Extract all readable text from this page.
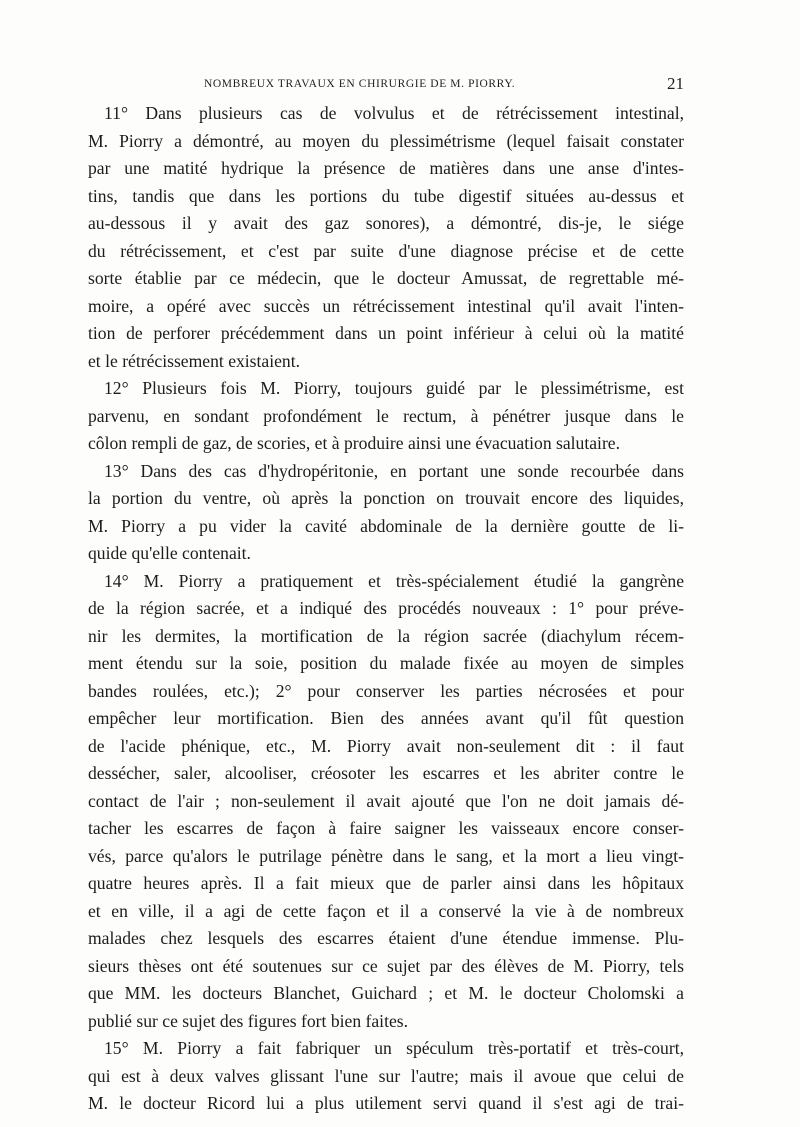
NOMBREUX TRAVAUX EN CHIRURGIE DE M. PIORRY.	21
11° Dans plusieurs cas de volvulus et de rétrécissement intestinal,
M. Piorry a démontré, au moyen du plessimétrisme (lequel faisait constater
par une matité hydrique la présence de matières dans une anse d'intes-
tins, tandis que dans les portions du tube digestif situées au-dessus et
au-dessous il y avait des gaz sonores), a démontré, dis-je, le siége
du rétrécissement, et c'est par suite d'une diagnose précise et de cette
sorte établie par ce médecin, que le docteur Amussat, de regrettable mé-
moire, a opéré avec succès un rétrécissement intestinal qu'il avait l'inten-
tion de perforer précédemment dans un point inférieur à celui où la matité
et le rétrécissement existaient.
12° Plusieurs fois M. Piorry, toujours guidé par le plessimétrisme, est
parvenu, en sondant profondément le rectum, à pénétrer jusque dans le
côlon rempli de gaz, de scories, et à produire ainsi une évacuation salutaire.
13° Dans des cas d'hydropéritonie, en portant une sonde recourbée dans
la portion du ventre, où après la ponction on trouvait encore des liquides,
M. Piorry a pu vider la cavité abdominale de la dernière goutte de li-
quide qu'elle contenait.
14° M. Piorry a pratiquement et très-spécialement étudié la gangrène
de la région sacrée, et a indiqué des procédés nouveaux : 1° pour préve-
nir les dermites, la mortification de la région sacrée (diachylum récem-
ment étendu sur la soie, position du malade fixée au moyen de simples
bandes roulées, etc.); 2° pour conserver les parties nécrosées et pour
empêcher leur mortification. Bien des années avant qu'il fût question
de l'acide phénique, etc., M. Piorry avait non-seulement dit : il faut
dessécher, saler, alcooliser, créosoter les escarres et les abriter contre le
contact de l'air ; non-seulement il avait ajouté que l'on ne doit jamais dé-
tacher les escarres de façon à faire saigner les vaisseaux encore conser-
vés, parce qu'alors le putrilage pénètre dans le sang, et la mort a lieu vingt-
quatre heures après. Il a fait mieux que de parler ainsi dans les hôpitaux
et en ville, il a agi de cette façon et il a conservé la vie à de nombreux
malades chez lesquels des escarres étaient d'une étendue immense. Plu-
sieurs thèses ont été soutenues sur ce sujet par des élèves de M. Piorry, tels
que MM. les docteurs Blanchet, Guichard ; et M. le docteur Cholomski a
publié sur ce sujet des figures fort bien faites.
15° M. Piorry a fait fabriquer un spéculum très-portatif et très-court,
qui est à deux valves glissant l'une sur l'autre; mais il avoue que celui de
M. le docteur Ricord lui a plus utilement servi quand il s'est agi de trai-
